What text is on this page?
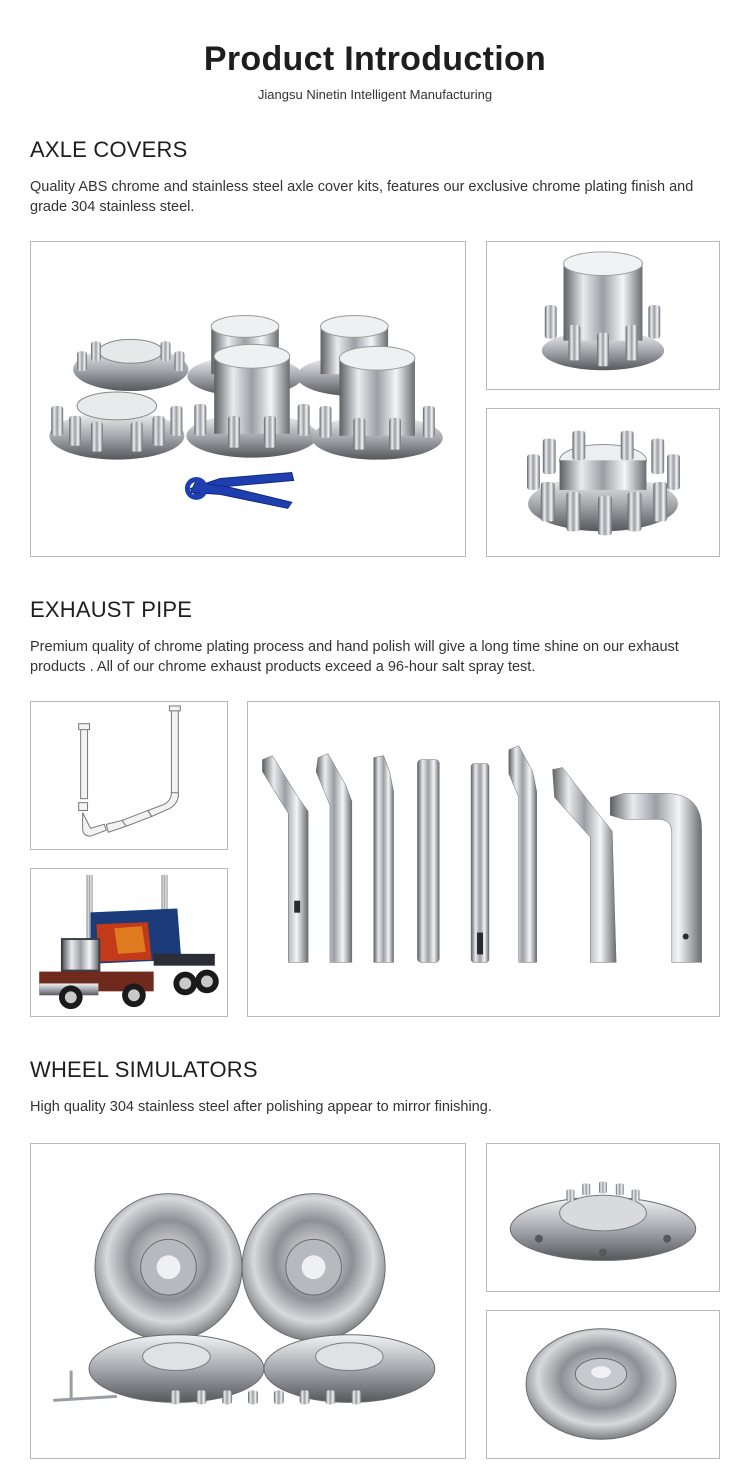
Product Introduction
Jiangsu Ninetin Intelligent Manufacturing
AXLE COVERS
Quality ABS chrome and stainless steel axle cover kits, features our exclusive chrome plating finish and grade 304 stainless steel.
EXHAUST PIPE
Premium quality of chrome plating process and hand polish will give a long time shine on our exhaust products . All of our chrome exhaust products exceed a 96-hour salt spray test.
WHEEL SIMULATORS
High quality 304 stainless steel after polishing appear to mirror finishing.
